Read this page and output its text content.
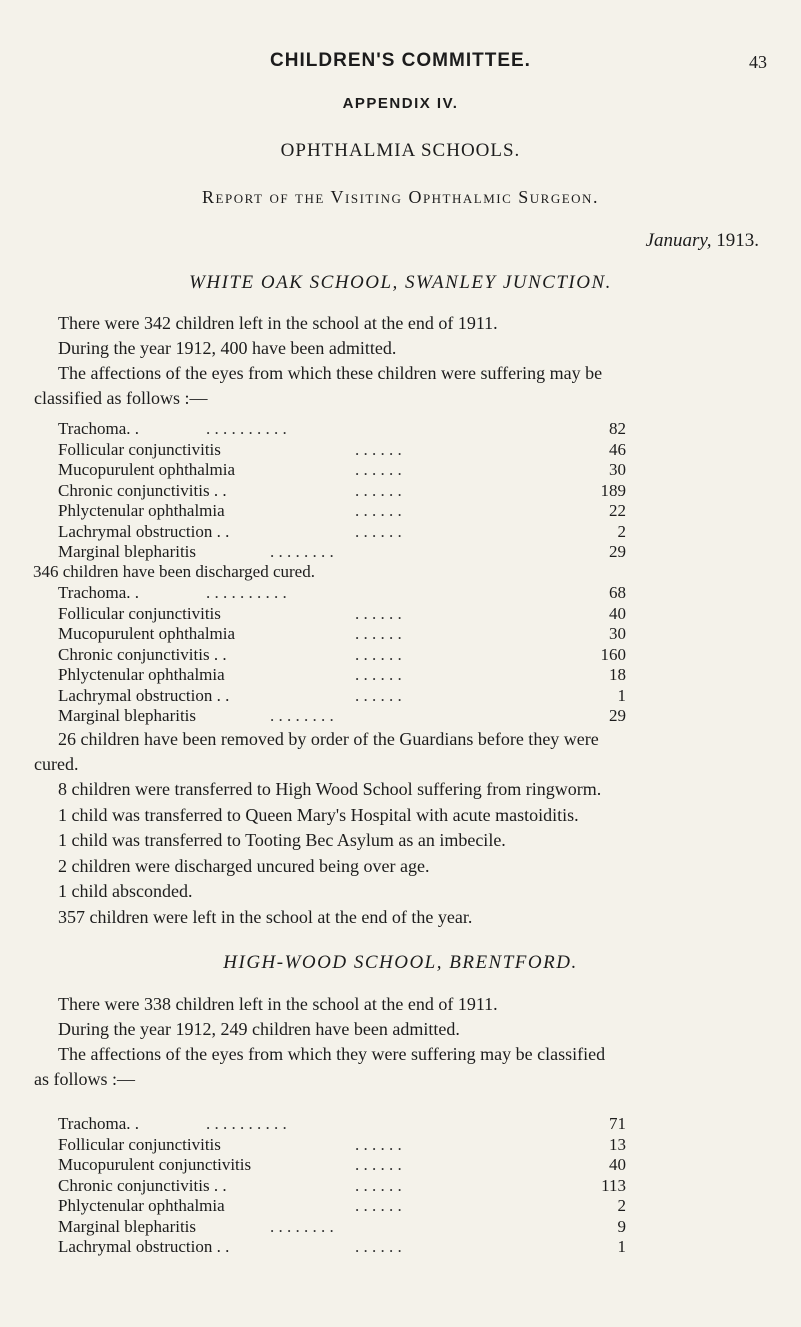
CHILDREN'S COMMITTEE.	43
APPENDIX IV.
OPHTHALMIA SCHOOLS.
Report of the Visiting Ophthalmic Surgeon.
January, 1913.
WHITE OAK SCHOOL, SWANLEY JUNCTION.
There were 342 children left in the school at the end of 1911.
During the year 1912, 400 have been admitted.
The affections of the eyes from which these children were suffering may be
classified as follows :—
Trachoma. .	. . . . . . . . . .	82
Follicular conjunctivitis	. . . . . .	46
Mucopurulent ophthalmia	. . . . . .	30
Chronic conjunctivitis . .	. . . . . .	189
Phlyctenular ophthalmia	. . . . . .	22
Lachrymal obstruction . .	. . . . . .	2
Marginal blepharitis	. . . . . . . .	29
346 children have been discharged cured.
Trachoma. .	. . . . . . . . . .	68
Follicular conjunctivitis	. . . . . .	40
Mucopurulent ophthalmia	. . . . . .	30
Chronic conjunctivitis . .	. . . . . .	160
Phlyctenular ophthalmia	. . . . . .	18
Lachrymal obstruction . .	. . . . . .	1
Marginal blepharitis	. . . . . . . .	29
26 children have been removed by order of the Guardians before they were
cured.
8 children were transferred to High Wood School suffering from ringworm.
1 child was transferred to Queen Mary's Hospital with acute mastoiditis.
1 child was transferred to Tooting Bec Asylum as an imbecile.
2 children were discharged uncured being over age.
1 child absconded.
357 children were left in the school at the end of the year.
HIGH-WOOD SCHOOL, BRENTFORD.
There were 338 children left in the school at the end of 1911.
During the year 1912, 249 children have been admitted.
The affections of the eyes from which they were suffering may be classified
as follows :—
Trachoma. .	. . . . . . . . . .	71
Follicular conjunctivitis	. . . . . .	13
Mucopurulent conjunctivitis	. . . . . .	40
Chronic conjunctivitis . .	. . . . . .	113
Phlyctenular ophthalmia	. . . . . .	2
Marginal blepharitis	. . . . . . . .	9
Lachrymal obstruction . .	. . . . . .	1
